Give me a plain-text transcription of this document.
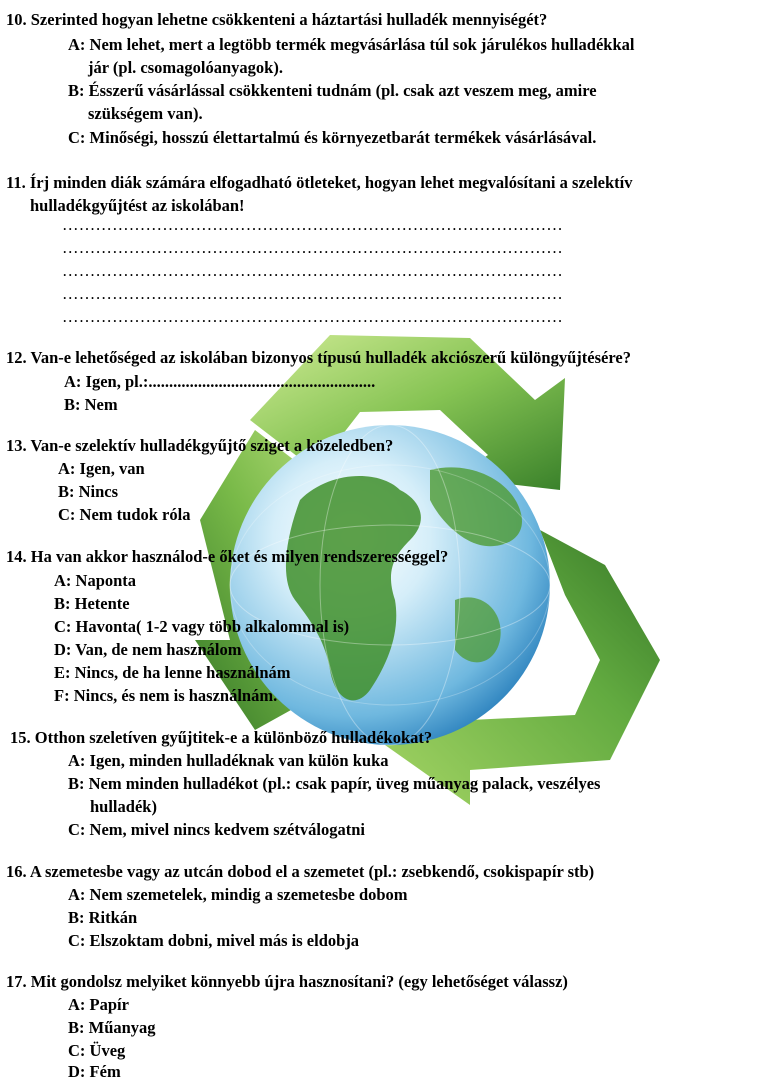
10. Szerinted hogyan lehetne csökkenteni a háztartási hulladék mennyiségét?
A: Nem lehet, mert a legtöbb termék megvásárlása túl sok járulékos hulladékkal
jár (pl. csomagolóanyagok).
B: Ésszerű vásárlással csökkenteni tudnám (pl. csak azt veszem meg, amire
szükségem van).
C: Minőségi, hosszú élettartalmú és környezetbarát termékek vásárlásával.
11. Írj minden diák számára elfogadható ötleteket, hogyan lehet megvalósítani a szelektív
hulladékgyűjtést az iskolában!
………………………………………………………………………………
………………………………………………………………………………
………………………………………………………………………………
………………………………………………………………………………
………………………………………………………………………………
12. Van-e lehetőséged az iskolában bizonyos típusú hulladék akciószerű különgyűjtésére?
A: Igen, pl.:.......................................................
B: Nem
13. Van-e szelektív hulladékgyűjtő sziget a közeledben?
A: Igen, van
B: Nincs
C: Nem tudok róla
14. Ha van akkor használod-e őket és milyen rendszerességgel?
A: Naponta
B: Hetente
C: Havonta( 1-2 vagy több alkalommal is)
D: Van, de nem használom
E: Nincs, de ha lenne használnám
F: Nincs, és nem is használnám.
15. Otthon szeletíven gyűjtitek-e a különböző hulladékokat?
A: Igen, minden hulladéknak van külön kuka
B: Nem minden hulladékot (pl.: csak papír, üveg műanyag palack, veszélyes
hulladék)
C: Nem, mivel nincs kedvem szétválogatni
16. A szemetesbe vagy az utcán dobod el a szemetet (pl.: zsebkendő, csokispapír stb)
A: Nem szemetelek, mindig a szemetesbe dobom
B: Ritkán
C: Elszoktam dobni, mivel más is eldobja
17. Mit gondolsz melyiket könnyebb újra hasznosítani? (egy lehetőséget válassz)
A: Papír
B: Műanyag
C: Üveg
D: Fém
